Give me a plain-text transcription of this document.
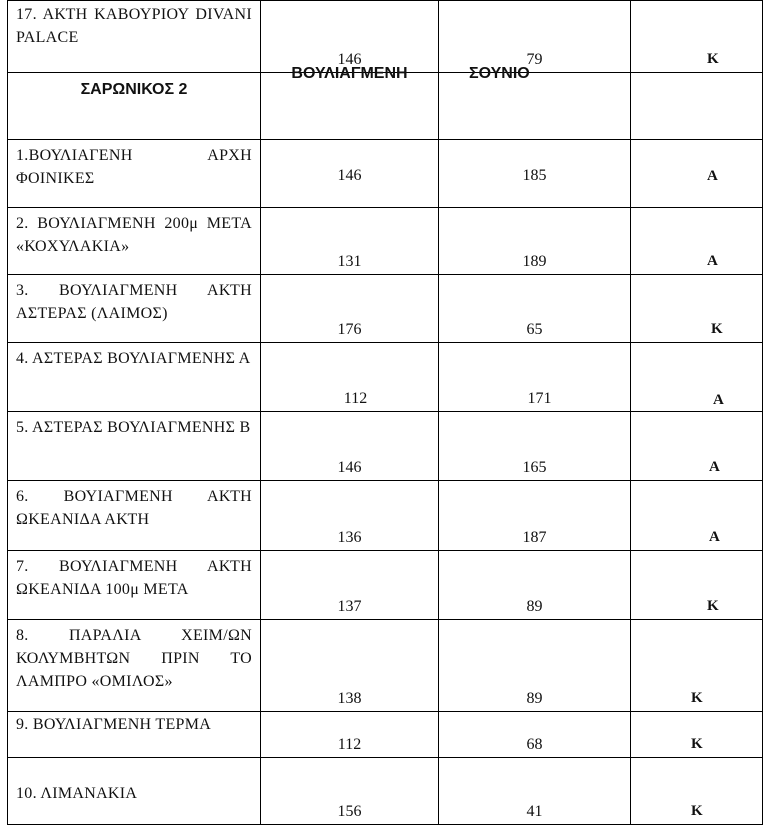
17. ΑΚΤΗ ΚΑΒΟΥΡΙΟΥ DIVANI PALACE	146	79	Κ

ΣΑΡΩΝΙΚΟΣ 2	ΒΟΥΛΙΑΓΜΕΝΗ	ΣΟΥΝΙΟ	

1.ΒΟΥΛΙΑΓΕΝΗ ΑΡΧΗ ΦΟΙΝΙΚΕΣ	146	185	Α

2. ΒΟΥΛΙΑΓΜΕΝΗ 200μ ΜΕΤΑ «ΚΟΧΥΛΑΚΙΑ»	131	189	Α

3. ΒΟΥΛΙΑΓΜΕΝΗ ΑΚΤΗ ΑΣΤΕΡΑΣ (ΛΑΙΜΟΣ)	176	65	Κ

4. ΑΣΤΕΡΑΣ ΒΟΥΛΙΑΓΜΕΝΗΣ Α	112	171	Α

5. ΑΣΤΕΡΑΣ ΒΟΥΛΙΑΓΜΕΝΗΣ Β	146	165	Α

6. ΒΟΥΙΑΓΜΕΝΗ ΑΚΤΗ ΩΚΕΑΝΙΔΑ ΑΚΤΗ	136	187	Α

7. ΒΟΥΛΙΑΓΜΕΝΗ ΑΚΤΗ ΩΚΕΑΝΙΔΑ 100μ ΜΕΤΑ	137	89	Κ

8. ΠΑΡΑΛΙΑ ΧΕΙΜ/ΩΝ ΚΟΛΥΜΒΗΤΩΝ ΠΡΙΝ ΤΟ ΛΑΜΠΡΟ «ΟΜΙΛΟΣ»	138	89	Κ

9. ΒΟΥΛΙΑΓΜΕΝΗ ΤΕΡΜΑ	112	68	Κ

10. ΛΙΜΑΝΑΚΙΑ	156	41	Κ
